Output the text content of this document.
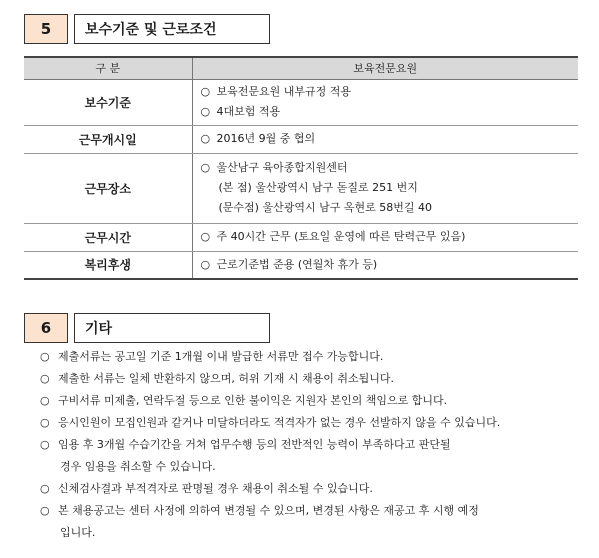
5	보수기준 및 근로조건
구 분	보육전문요원
보수기준	○ 보육전문요원 내부규정 적용
○ 4대보험 적용

근무개시일	○ 2016년 9월 중 협의

근무장소	○ 울산남구 육아종합지원센터
(본 점) 울산광역시 남구 돋질로 251 번지
(문수점) 울산광역시 남구 옥현로 58번길 40

근무시간	○ 주 40시간 근무 (토요일 운영에 따른 탄력근무 있음)

복리후생	○ 근로기준법 준용 (연월차 휴가 등)
6	기타
○ 제출서류는 공고일 기준 1개월 이내 발급한 서류만 접수 가능합니다.
○ 제출한 서류는 일체 반환하지 않으며, 허위 기재 시 채용이 취소됩니다.
○ 구비서류 미제출, 연락두절 등으로 인한 불이익은 지원자 본인의 책임으로 합니다.
○ 응시인원이 모집인원과 같거나 미달하더라도 적격자가 없는 경우 선발하지 않을 수 있습니다.
○ 임용 후 3개월 수습기간을 거쳐 업무수행 등의 전반적인 능력이 부족하다고 판단될
경우 임용을 취소할 수 있습니다.
○ 신체검사결과 부적격자로 판명될 경우 채용이 취소될 수 있습니다.
○ 본 채용공고는 센터 사정에 의하여 변경될 수 있으며, 변경된 사항은 재공고 후 시행 예정
입니다.
